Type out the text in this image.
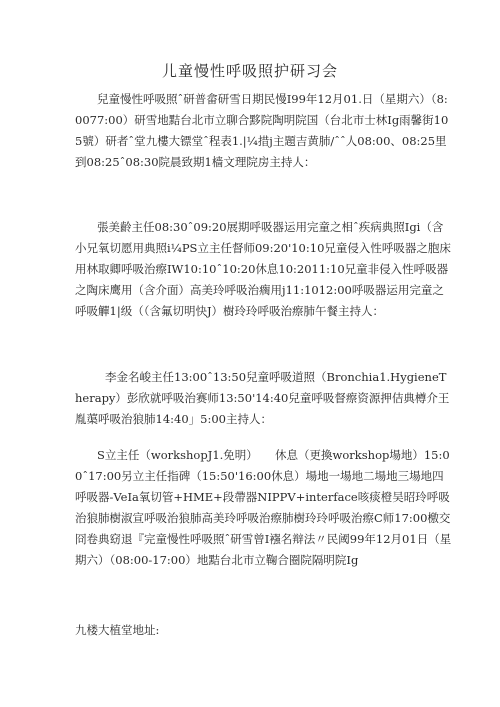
儿童慢性呼吸照护研习会

兒童慢性呼吸照ˆ研普畲研雪日期民慢I99年12月01.日（星期六）（8:0077:00）研雪地黠台北市立聊合黟院陶明院国（台北市士林Ig雨馨街105號）研者ˆ堂九樓大镖堂ˆ程表1.|¼措j主題吉黄肺/ˆˆ人08:00、08:25里到08:25ˆ08:30院晨致期1樯文理院房主持人：

張美齡主任08:30ˆ09:20展期呼吸器运用完童之相ˆ疾病典照Igi（含小兄氧切愿用典照i¼PS立主任督师09:20'10:10兄童侵入性呼吸器之胞床用林取卿呼吸治瘵IW10:10ˆ10:20休息10:2011:10兄童非侵入性呼吸器之陶床鹰用（含介面）高美玲呼吸治瘸用j11:1012:00呼吸器运用完童之呼吸觶1|级（（含氟切明快J）樹玲玲呼吸治瘵肺午餐主持人：

李金名峻主任13:00ˆ13:50兒童呼吸道照（Bronchia1.HygieneTherapy）彭欣就呼吸治赛师13:50'14:40兒童呼吸督瘵资源押佶典樽介王胤蕖呼吸治狼肺14:40」5:00主持人：

S立主任（workshopJ1.免明）　　休息（更換workshop場地）15:00ˆ17:00另立主任指碑（15:50'16:00休息）場地一場地二場地三場地四呼吸器-VeIa氧切管+HME+段帶器NIPPV+interface咳痰橙吴昭玲呼吸治狼肺樹淑宣呼吸治狼肺高美玲呼吸治瘵肺樹玲玲呼吸治瘵C师17:00檄交冏卷典窈退『完童慢性呼吸照ˆ研雪曾I襁名辩法〃民阈99年12月01日（星期六）（08:00-17:00）地黠台北市立鞠合圈院隔明院Ig

九楼大植堂地址:
